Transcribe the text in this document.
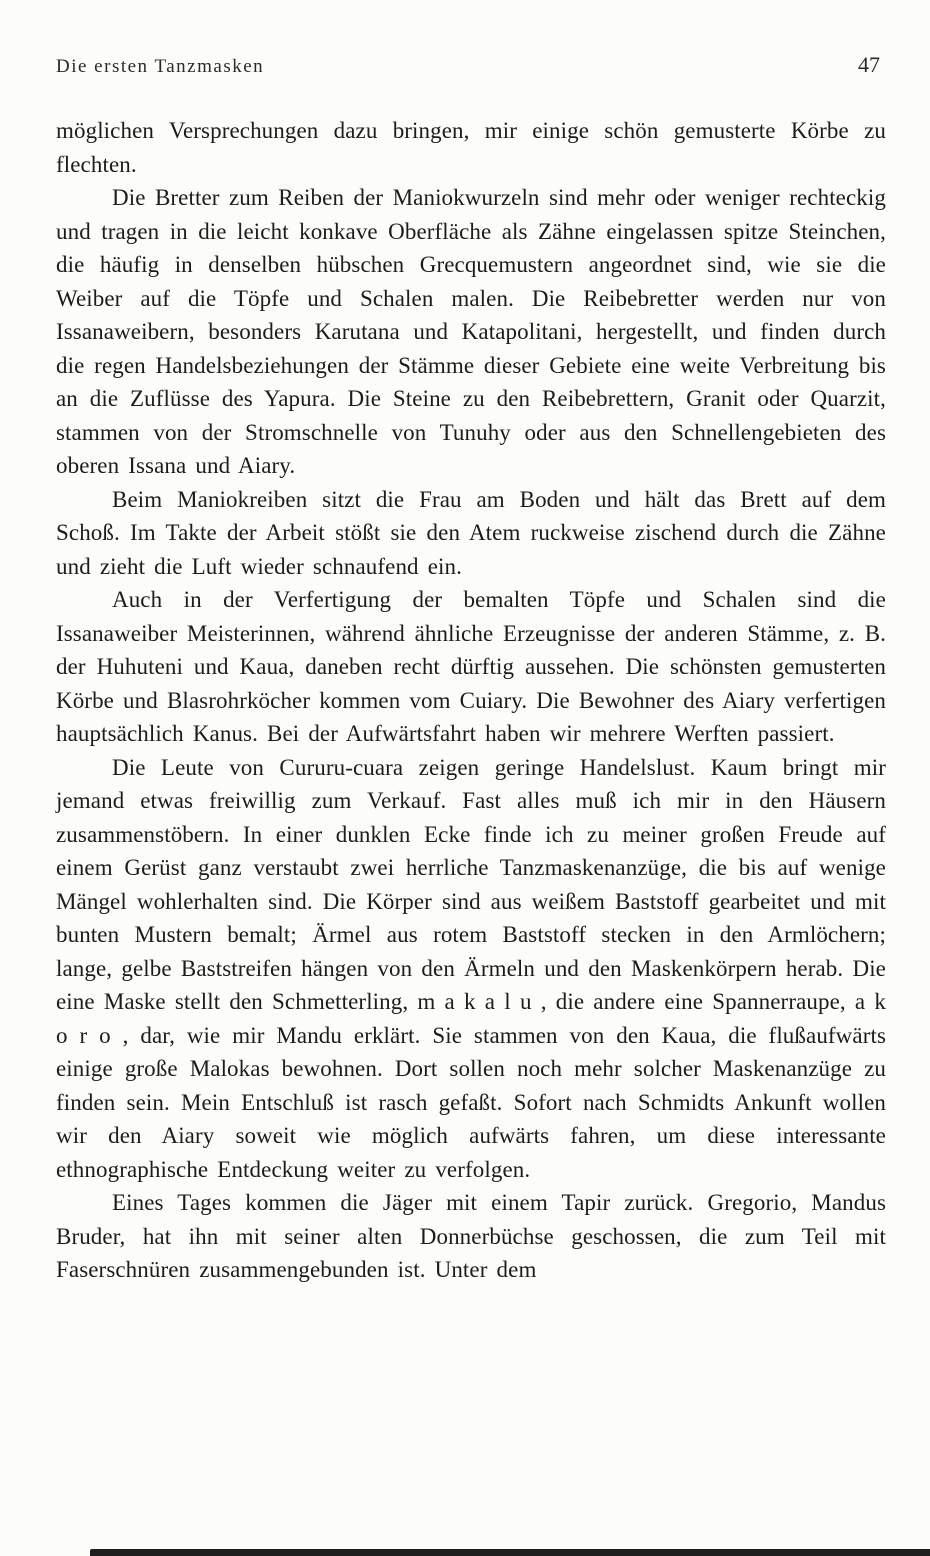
Die ersten Tanzmasken	47

möglichen Versprechungen dazu bringen, mir einige schön gemusterte Körbe zu flechten.

Die Bretter zum Reiben der Maniokwurzeln sind mehr oder weniger rechteckig und tragen in die leicht konkave Oberfläche als Zähne eingelassen spitze Steinchen, die häufig in denselben hübschen Grecquemustern angeordnet sind, wie sie die Weiber auf die Töpfe und Schalen malen. Die Reibebretter werden nur von Issanaweibern, besonders Karutana und Katapolitani, hergestellt, und finden durch die regen Handelsbeziehungen der Stämme dieser Gebiete eine weite Verbreitung bis an die Zuflüsse des Yapura. Die Steine zu den Reibebrettern, Granit oder Quarzit, stammen von der Stromschnelle von Tunuhy oder aus den Schnellengebieten des oberen Issana und Aiary.

Beim Maniokreiben sitzt die Frau am Boden und hält das Brett auf dem Schoß. Im Takte der Arbeit stößt sie den Atem ruckweise zischend durch die Zähne und zieht die Luft wieder schnaufend ein.

Auch in der Verfertigung der bemalten Töpfe und Schalen sind die Issanaweiber Meisterinnen, während ähnliche Erzeugnisse der anderen Stämme, z. B. der Huhuteni und Kaua, daneben recht dürftig aussehen. Die schönsten gemusterten Körbe und Blasrohrköcher kommen vom Cuiary. Die Bewohner des Aiary verfertigen hauptsächlich Kanus. Bei der Aufwärtsfahrt haben wir mehrere Werften passiert.

Die Leute von Cururu-cuara zeigen geringe Handelslust. Kaum bringt mir jemand etwas freiwillig zum Verkauf. Fast alles muß ich mir in den Häusern zusammenstöbern. In einer dunklen Ecke finde ich zu meiner großen Freude auf einem Gerüst ganz verstaubt zwei herrliche Tanzmaskenanzüge, die bis auf wenige Mängel wohlerhalten sind. Die Körper sind aus weißem Baststoff gearbeitet und mit bunten Mustern bemalt; Ärmel aus rotem Baststoff stecken in den Armlöchern; lange, gelbe Baststreifen hängen von den Ärmeln und den Maskenkörpern herab. Die eine Maske stellt den Schmetterling, m a k a l u , die andere eine Spannerraupe, a k o r o , dar, wie mir Mandu erklärt. Sie stammen von den Kaua, die flußaufwärts einige große Malokas bewohnen. Dort sollen noch mehr solcher Maskenanzüge zu finden sein. Mein Entschluß ist rasch gefaßt. Sofort nach Schmidts Ankunft wollen wir den Aiary soweit wie möglich aufwärts fahren, um diese interessante ethnographische Entdeckung weiter zu verfolgen.

Eines Tages kommen die Jäger mit einem Tapir zurück. Gregorio, Mandus Bruder, hat ihn mit seiner alten Donnerbüchse geschossen, die zum Teil mit Faserschnüren zusammengebunden ist. Unter dem
